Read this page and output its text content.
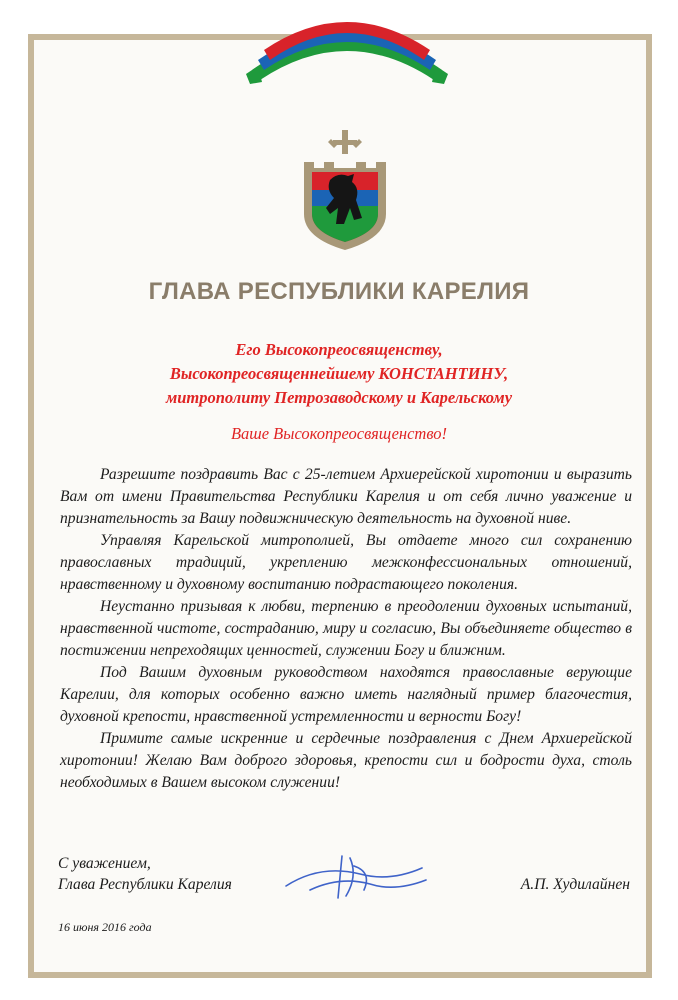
ГЛАВА РЕСПУБЛИКИ КАРЕЛИЯ
Его Высокопреосвященству,
Высокопреосвященнейшему КОНСТАНТИНУ,
митрополиту Петрозаводскому и Карельскому
Ваше Высокопреосвященство!

Разрешите поздравить Вас с 25-летием Архиерейской хиротонии и выразить Вам от имени Правительства Республики Карелия и от себя лично уважение и признательность за Вашу подвижническую деятельность на духовной ниве.

Управляя Карельской митрополией, Вы отдаете много сил сохранению православных традиций, укреплению межконфессиональных отношений, нравственному и духовному воспитанию подрастающего поколения.

Неустанно призывая к любви, терпению в преодолении духовных испытаний, нравственной чистоте, состраданию, миру и согласию, Вы объединяете общество в постижении непреходящих ценностей, служении Богу и ближним.

Под Вашим духовным руководством находятся православные верующие Карелии, для которых особенно важно иметь наглядный пример благочестия, духовной крепости, нравственной устремленности и верности Богу!

Примите самые искренние и сердечные поздравления с Днем Архиерейской хиротонии! Желаю Вам доброго здоровья, крепости сил и бодрости духа, столь необходимых в Вашем высоком служении!

С уважением,
Глава Республики Карелия	А.П. Худилайнен
16 июня 2016 года
